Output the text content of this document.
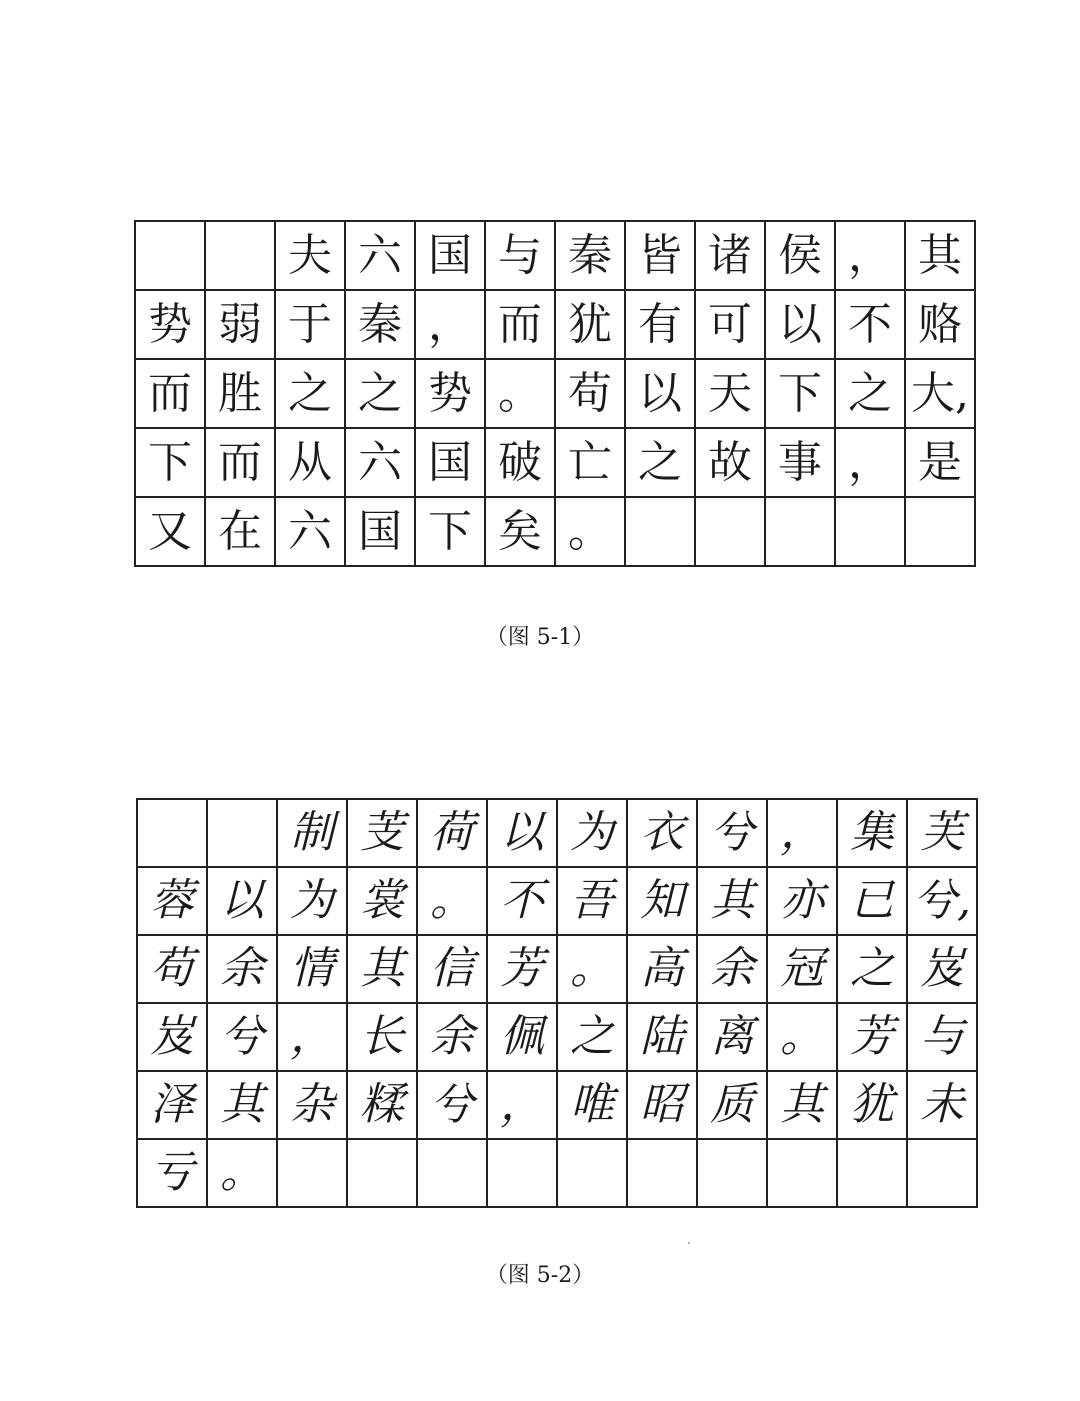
		夫	六	国	与	秦	皆	诸	侯	，	其
势	弱	于	秦	，	而	犹	有	可	以	不	赂
而	胜	之	之	势	。	苟	以	天	下	之	大,
下	而	从	六	国	破	亡	之	故	事	，	是
又	在	六	国	下	矣	。					
（图 5-1）
		制	芰	荷	以	为	衣	兮	，	集	芙
蓉	以	为	裳	。	不	吾	知	其	亦	已	兮,
苟	余	情	其	信	芳	。	高	余	冠	之	岌
岌	兮	，	长	余	佩	之	陆	离	。	芳	与
泽	其	杂	糅	兮	，	唯	昭	质	其	犹	未
亏	。										
（图 5-2）
